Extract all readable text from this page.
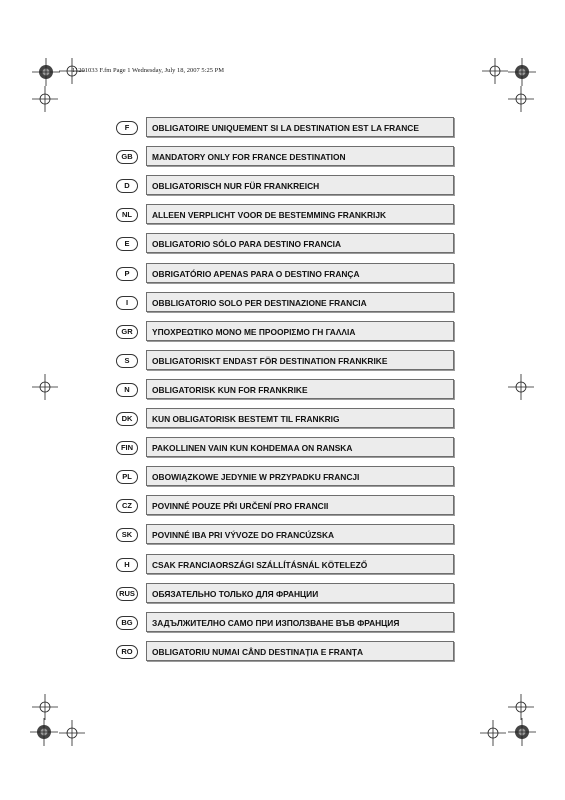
11201033 F.fm Page 1 Wednesday, July 18, 2007 5:25 PM
F	OBLIGATOIRE UNIQUEMENT SI LA DESTINATION EST LA FRANCE
GB	MANDATORY ONLY FOR FRANCE DESTINATION
D	OBLIGATORISCH NUR FÜR FRANKREICH
NL	ALLEEN VERPLICHT VOOR DE BESTEMMING FRANKRIJK
E	OBLIGATORIO SÓLO PARA DESTINO FRANCIA
P	OBRIGATÓRIO APENAS PARA O DESTINO FRANÇA
I	OBBLIGATORIO SOLO PER DESTINAZIONE FRANCIA
GR	ΥΠΟΧΡΕΩΤΙΚΟ ΜΟΝΟ ΜΕ ΠΡΟΟΡΙΣΜΟ ΓΗ ΓΑΛΛΙΑ
S	OBLIGATORISKT ENDAST FÖR DESTINATION FRANKRIKE
N	OBLIGATORISK KUN FOR FRANKRIKE
DK	KUN OBLIGATORISK BESTEMT TIL FRANKRIG
FIN	PAKOLLINEN VAIN KUN KOHDEMAA ON RANSKA
PL	OBOWIĄZKOWE JEDYNIE W PRZYPADKU FRANCJI
CZ	POVINNÉ POUZE PŘI URČENÍ PRO FRANCII
SK	POVINNÉ IBA PRI VÝVOZE DO FRANCÚZSKA
H	CSAK FRANCIAORSZÁGI SZÁLLÍTÁSNÁL KÖTELEZŐ
RUS	ОБЯЗАТЕЛЬНО ТОЛЬКО ДЛЯ ФРАНЦИИ
BG	ЗАДЪЛЖИТЕЛНО САМО ПРИ ИЗПОЛЗВАНЕ ВЪВ ФРАНЦИЯ
RO	OBLIGATORIU NUMAI CÂND DESTINAȚIA E FRANȚA
